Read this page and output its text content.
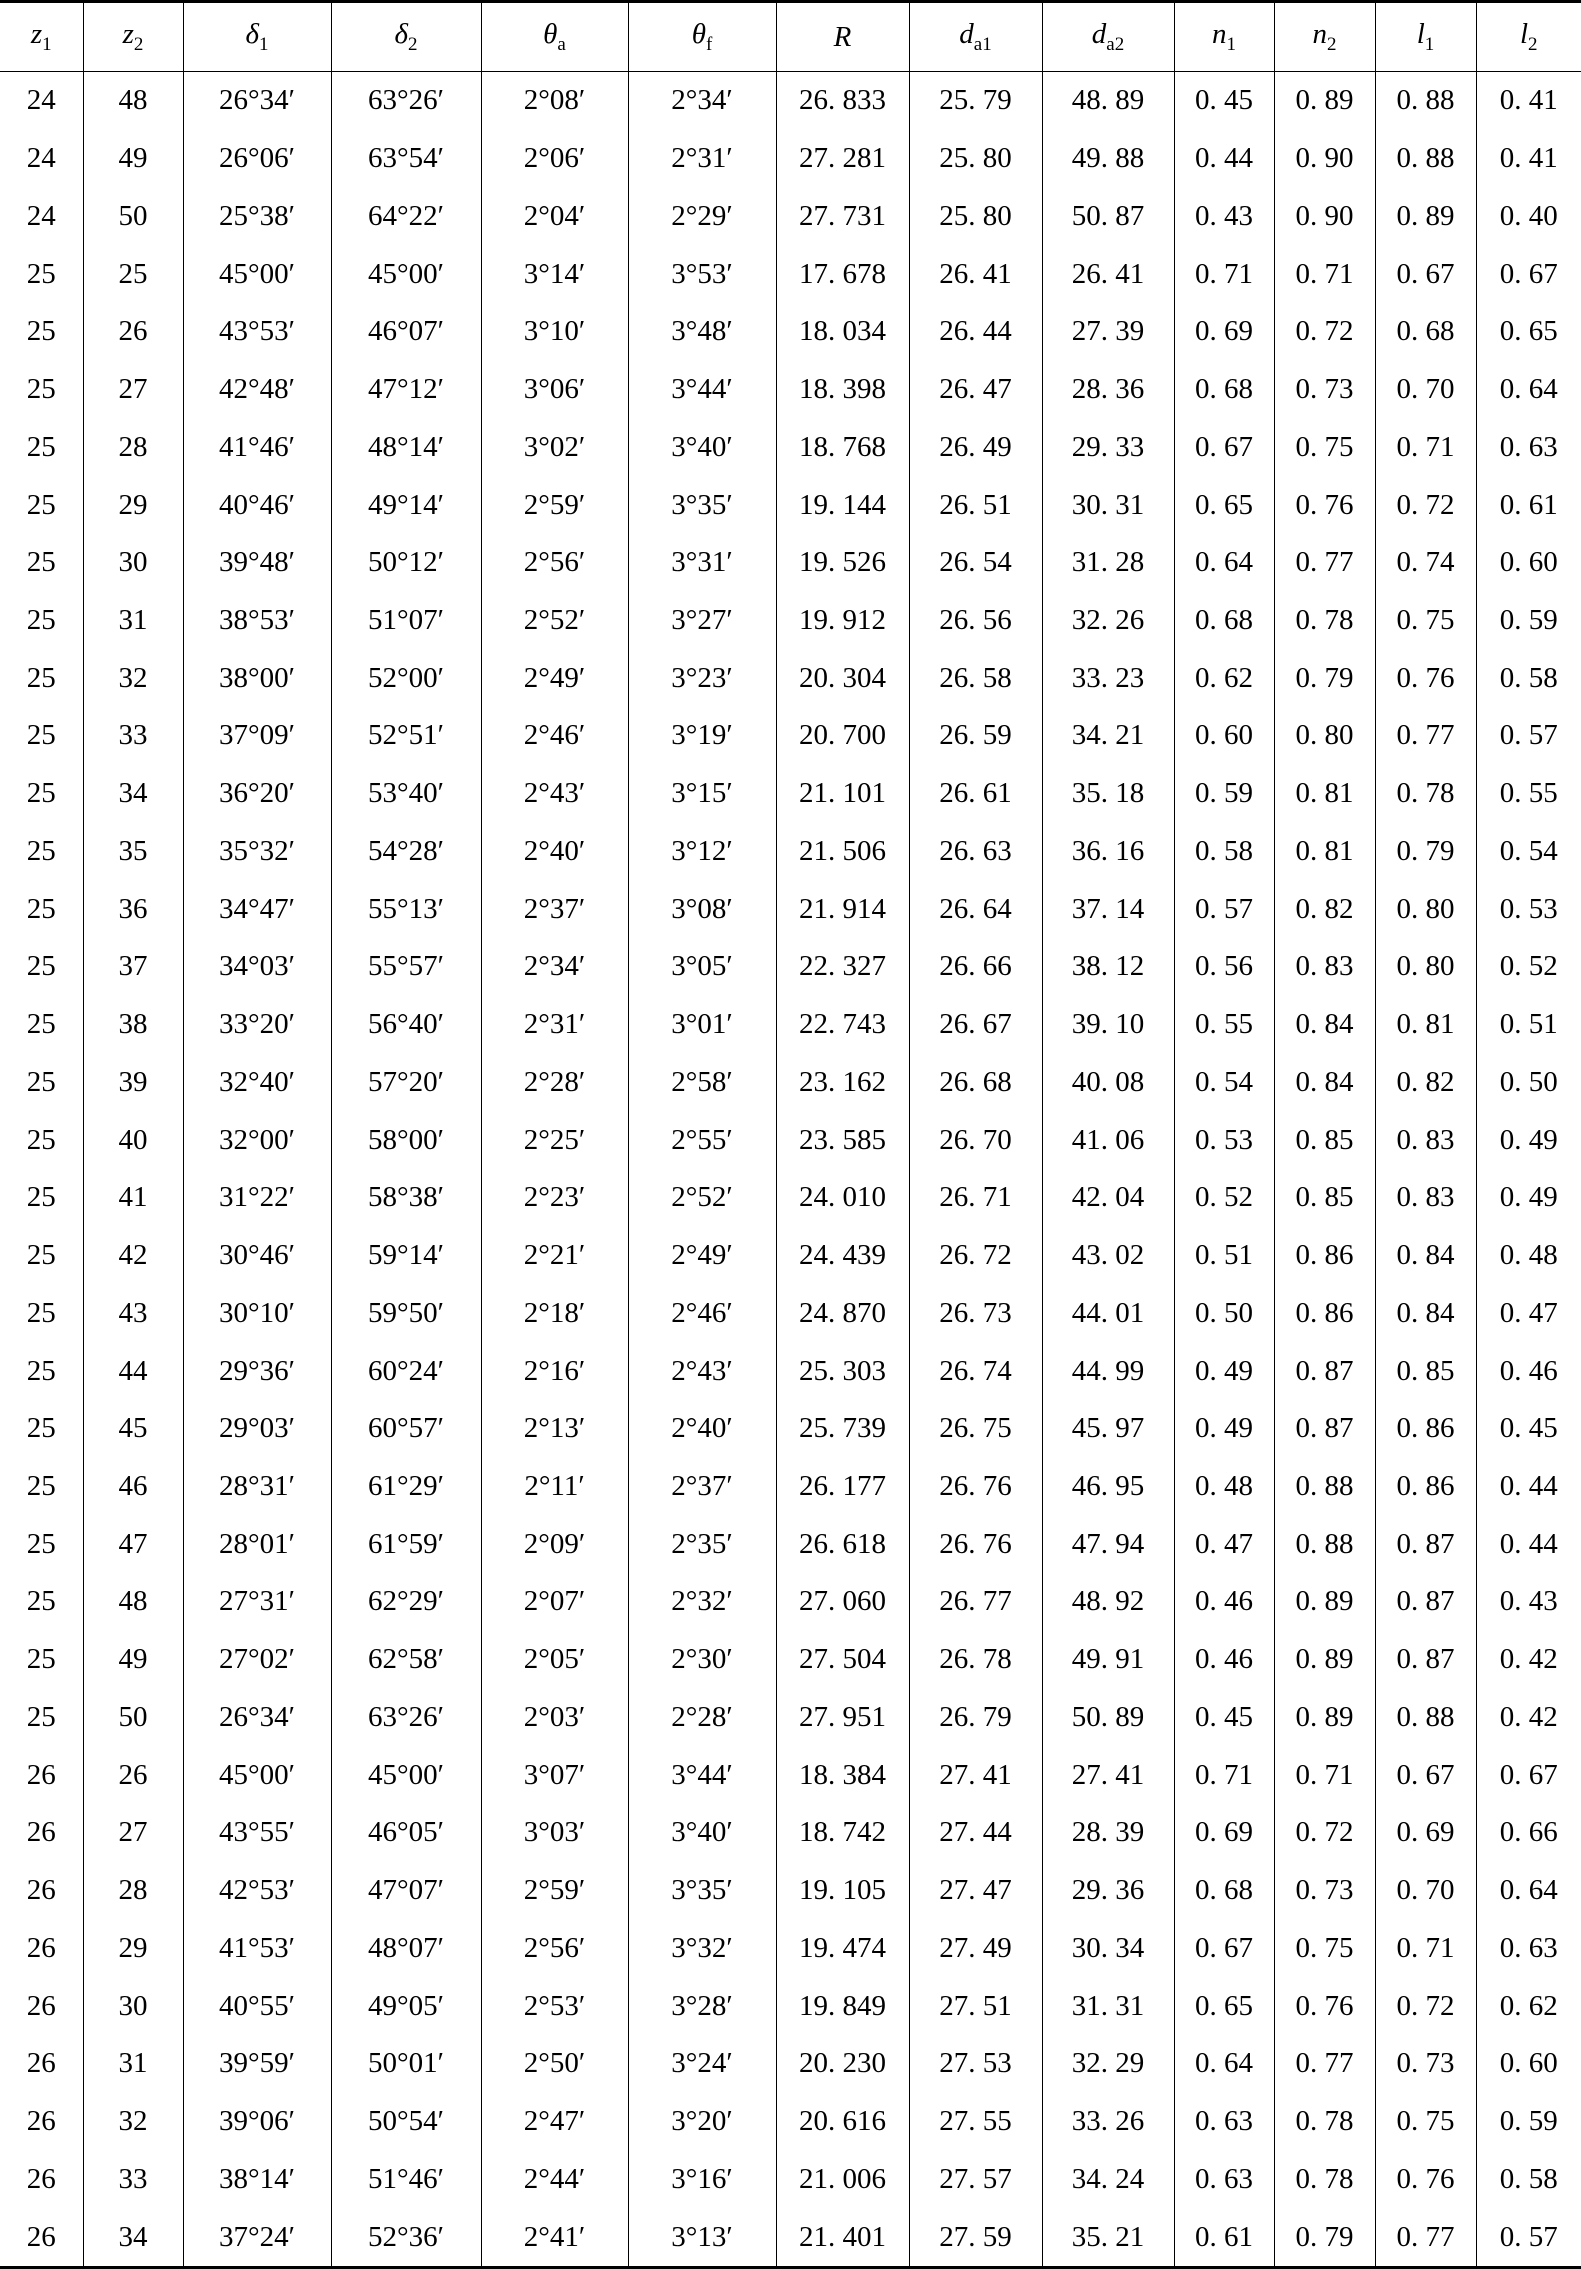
$z_1$	$z_2$	$\delta_1$	$\delta_2$	$\theta_a$	$\theta_f$	R	$d_{a1}$	$d_{a2}$	$n_1$	$n_2$	$l_1$	$l_2$
24	48	26°34′	63°26′	2°08′	2°34′	26. 833	25. 79	48. 89	0. 45	0. 89	0. 88	0. 41
24	49	26°06′	63°54′	2°06′	2°31′	27. 281	25. 80	49. 88	0. 44	0. 90	0. 88	0. 41
24	50	25°38′	64°22′	2°04′	2°29′	27. 731	25. 80	50. 87	0. 43	0. 90	0. 89	0. 40
25	25	45°00′	45°00′	3°14′	3°53′	17. 678	26. 41	26. 41	0. 71	0. 71	0. 67	0. 67
25	26	43°53′	46°07′	3°10′	3°48′	18. 034	26. 44	27. 39	0. 69	0. 72	0. 68	0. 65
25	27	42°48′	47°12′	3°06′	3°44′	18. 398	26. 47	28. 36	0. 68	0. 73	0. 70	0. 64
25	28	41°46′	48°14′	3°02′	3°40′	18. 768	26. 49	29. 33	0. 67	0. 75	0. 71	0. 63
25	29	40°46′	49°14′	2°59′	3°35′	19. 144	26. 51	30. 31	0. 65	0. 76	0. 72	0. 61
25	30	39°48′	50°12′	2°56′	3°31′	19. 526	26. 54	31. 28	0. 64	0. 77	0. 74	0. 60
25	31	38°53′	51°07′	2°52′	3°27′	19. 912	26. 56	32. 26	0. 68	0. 78	0. 75	0. 59
25	32	38°00′	52°00′	2°49′	3°23′	20. 304	26. 58	33. 23	0. 62	0. 79	0. 76	0. 58
25	33	37°09′	52°51′	2°46′	3°19′	20. 700	26. 59	34. 21	0. 60	0. 80	0. 77	0. 57
25	34	36°20′	53°40′	2°43′	3°15′	21. 101	26. 61	35. 18	0. 59	0. 81	0. 78	0. 55
25	35	35°32′	54°28′	2°40′	3°12′	21. 506	26. 63	36. 16	0. 58	0. 81	0. 79	0. 54
25	36	34°47′	55°13′	2°37′	3°08′	21. 914	26. 64	37. 14	0. 57	0. 82	0. 80	0. 53
25	37	34°03′	55°57′	2°34′	3°05′	22. 327	26. 66	38. 12	0. 56	0. 83	0. 80	0. 52
25	38	33°20′	56°40′	2°31′	3°01′	22. 743	26. 67	39. 10	0. 55	0. 84	0. 81	0. 51
25	39	32°40′	57°20′	2°28′	2°58′	23. 162	26. 68	40. 08	0. 54	0. 84	0. 82	0. 50
25	40	32°00′	58°00′	2°25′	2°55′	23. 585	26. 70	41. 06	0. 53	0. 85	0. 83	0. 49
25	41	31°22′	58°38′	2°23′	2°52′	24. 010	26. 71	42. 04	0. 52	0. 85	0. 83	0. 49
25	42	30°46′	59°14′	2°21′	2°49′	24. 439	26. 72	43. 02	0. 51	0. 86	0. 84	0. 48
25	43	30°10′	59°50′	2°18′	2°46′	24. 870	26. 73	44. 01	0. 50	0. 86	0. 84	0. 47
25	44	29°36′	60°24′	2°16′	2°43′	25. 303	26. 74	44. 99	0. 49	0. 87	0. 85	0. 46
25	45	29°03′	60°57′	2°13′	2°40′	25. 739	26. 75	45. 97	0. 49	0. 87	0. 86	0. 45
25	46	28°31′	61°29′	2°11′	2°37′	26. 177	26. 76	46. 95	0. 48	0. 88	0. 86	0. 44
25	47	28°01′	61°59′	2°09′	2°35′	26. 618	26. 76	47. 94	0. 47	0. 88	0. 87	0. 44
25	48	27°31′	62°29′	2°07′	2°32′	27. 060	26. 77	48. 92	0. 46	0. 89	0. 87	0. 43
25	49	27°02′	62°58′	2°05′	2°30′	27. 504	26. 78	49. 91	0. 46	0. 89	0. 87	0. 42
25	50	26°34′	63°26′	2°03′	2°28′	27. 951	26. 79	50. 89	0. 45	0. 89	0. 88	0. 42
26	26	45°00′	45°00′	3°07′	3°44′	18. 384	27. 41	27. 41	0. 71	0. 71	0. 67	0. 67
26	27	43°55′	46°05′	3°03′	3°40′	18. 742	27. 44	28. 39	0. 69	0. 72	0. 69	0. 66
26	28	42°53′	47°07′	2°59′	3°35′	19. 105	27. 47	29. 36	0. 68	0. 73	0. 70	0. 64
26	29	41°53′	48°07′	2°56′	3°32′	19. 474	27. 49	30. 34	0. 67	0. 75	0. 71	0. 63
26	30	40°55′	49°05′	2°53′	3°28′	19. 849	27. 51	31. 31	0. 65	0. 76	0. 72	0. 62
26	31	39°59′	50°01′	2°50′	3°24′	20. 230	27. 53	32. 29	0. 64	0. 77	0. 73	0. 60
26	32	39°06′	50°54′	2°47′	3°20′	20. 616	27. 55	33. 26	0. 63	0. 78	0. 75	0. 59
26	33	38°14′	51°46′	2°44′	3°16′	21. 006	27. 57	34. 24	0. 63	0. 78	0. 76	0. 58
26	34	37°24′	52°36′	2°41′	3°13′	21. 401	27. 59	35. 21	0. 61	0. 79	0. 77	0. 57
